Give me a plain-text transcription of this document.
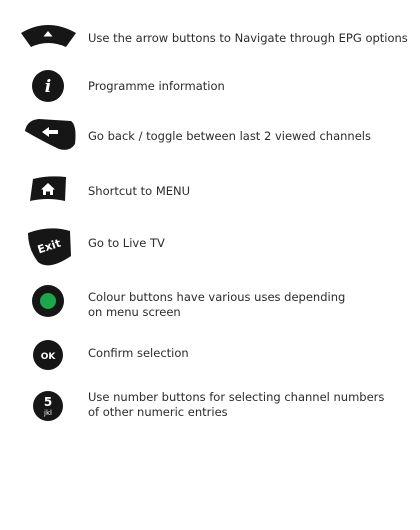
Use the arrow buttons to Navigate through EPG options
i	Programme information
Go back / toggle between last 2 viewed channels
Shortcut to MENU
Exit Go to Live TV
Colour buttons have various uses depending
on menu screen
OK	Confirm selection
5
jkl
Use number buttons for selecting channel numbers
of other numeric entries
